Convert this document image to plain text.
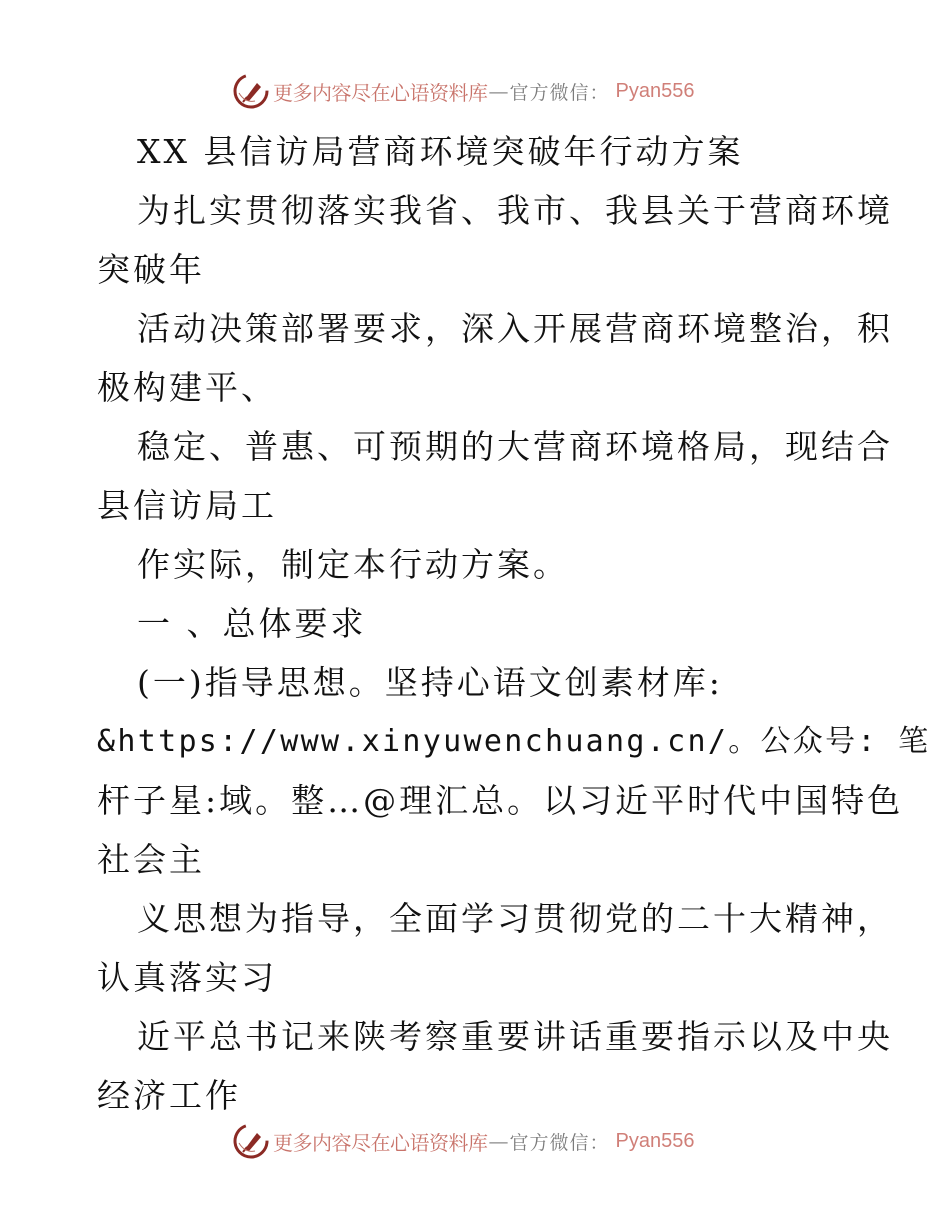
更多内容尽在心语资料库 — 官方微信： Pyan556
XX 县信访局营商环境突破年行动方案
为扎实贯彻落实我省、我市、我县关于营商环境
突破年
活动决策部署要求，深入开展营商环境整治，积
极构建平、
稳定、普惠、可预期的大营商环境格局，现结合
县信访局工
作实际，制定本行动方案。
一 、总体要求
(一)指导思想。坚持心语文创素材库:
&https://www.xinyuwenchuang.cn/。公众号: 笔
杆子星:域。整…@理汇总。以习近平时代中国特色
社会主
义思想为指导，全面学习贯彻党的二十大精神，
认真落实习
近平总书记来陕考察重要讲话重要指示以及中央
经济工作
更多内容尽在心语资料库 — 官方微信： Pyan556
